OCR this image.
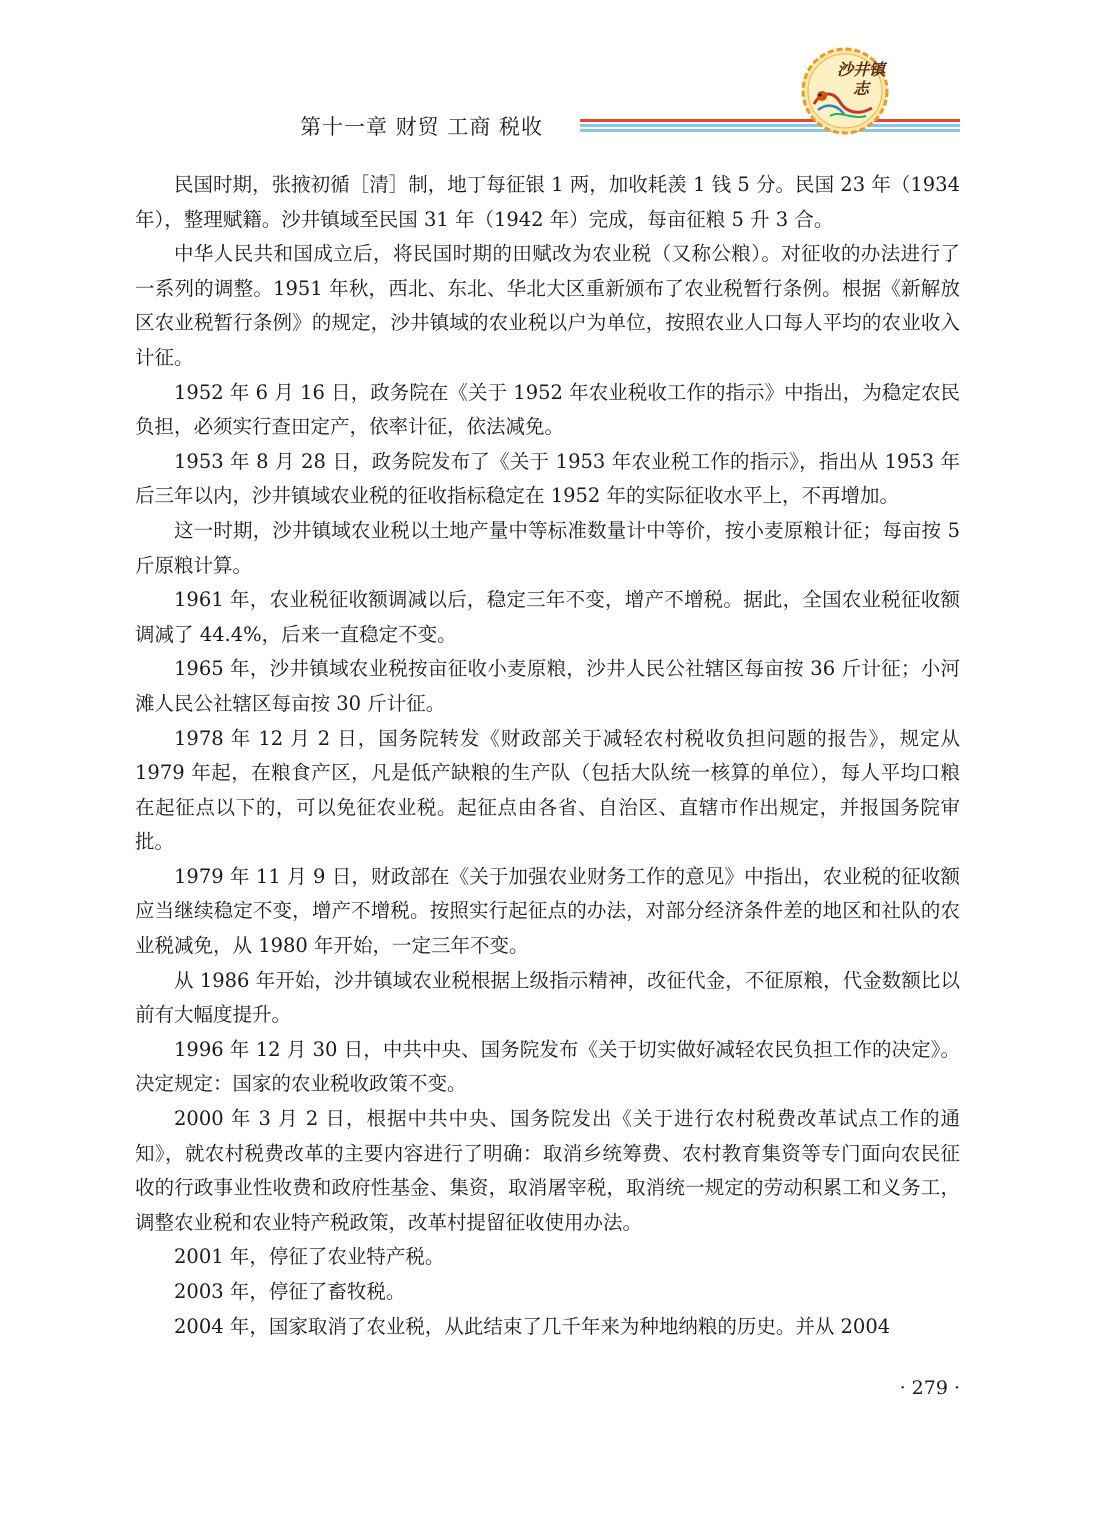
第十一章 财贸 工商 税收
沙井镇志

民国时期，张掖初循［清］制，地丁每征银 1 两，加收耗羡 1 钱 5 分。民国 23 年（1934 年），整理赋籍。沙井镇域至民国 31 年（1942 年）完成，每亩征粮 5 升 3 合。

中华人民共和国成立后，将民国时期的田赋改为农业税（又称公粮）。对征收的办法进行了一系列的调整。1951 年秋，西北、东北、华北大区重新颁布了农业税暂行条例。根据《新解放区农业税暂行条例》的规定，沙井镇域的农业税以户为单位，按照农业人口每人平均的农业收入计征。

1952 年 6 月 16 日，政务院在《关于 1952 年农业税收工作的指示》中指出，为稳定农民负担，必须实行查田定产，依率计征，依法减免。

1953 年 8 月 28 日，政务院发布了《关于 1953 年农业税工作的指示》，指出从 1953 年后三年以内，沙井镇域农业税的征收指标稳定在 1952 年的实际征收水平上，不再增加。

这一时期，沙井镇域农业税以土地产量中等标准数量计中等价，按小麦原粮计征；每亩按 5 斤原粮计算。

1961 年，农业税征收额调减以后，稳定三年不变，增产不增税。据此，全国农业税征收额调减了 44.4%，后来一直稳定不变。

1965 年，沙井镇域农业税按亩征收小麦原粮，沙井人民公社辖区每亩按 36 斤计征；小河滩人民公社辖区每亩按 30 斤计征。

1978 年 12 月 2 日，国务院转发《财政部关于减轻农村税收负担问题的报告》，规定从 1979 年起，在粮食产区，凡是低产缺粮的生产队（包括大队统一核算的单位），每人平均口粮在起征点以下的，可以免征农业税。起征点由各省、自治区、直辖市作出规定，并报国务院审批。

1979 年 11 月 9 日，财政部在《关于加强农业财务工作的意见》中指出，农业税的征收额应当继续稳定不变，增产不增税。按照实行起征点的办法，对部分经济条件差的地区和社队的农业税减免，从 1980 年开始，一定三年不变。

从 1986 年开始，沙井镇域农业税根据上级指示精神，改征代金，不征原粮，代金数额比以前有大幅度提升。

1996 年 12 月 30 日，中共中央、国务院发布《关于切实做好减轻农民负担工作的决定》。决定规定：国家的农业税收政策不变。

2000 年 3 月 2 日，根据中共中央、国务院发出《关于进行农村税费改革试点工作的通知》，就农村税费改革的主要内容进行了明确：取消乡统筹费、农村教育集资等专门面向农民征收的行政事业性收费和政府性基金、集资，取消屠宰税，取消统一规定的劳动积累工和义务工，调整农业税和农业特产税政策，改革村提留征收使用办法。

2001 年，停征了农业特产税。

2003 年，停征了畜牧税。

2004 年，国家取消了农业税，从此结束了几千年来为种地纳粮的历史。并从 2004

· 279 ·
